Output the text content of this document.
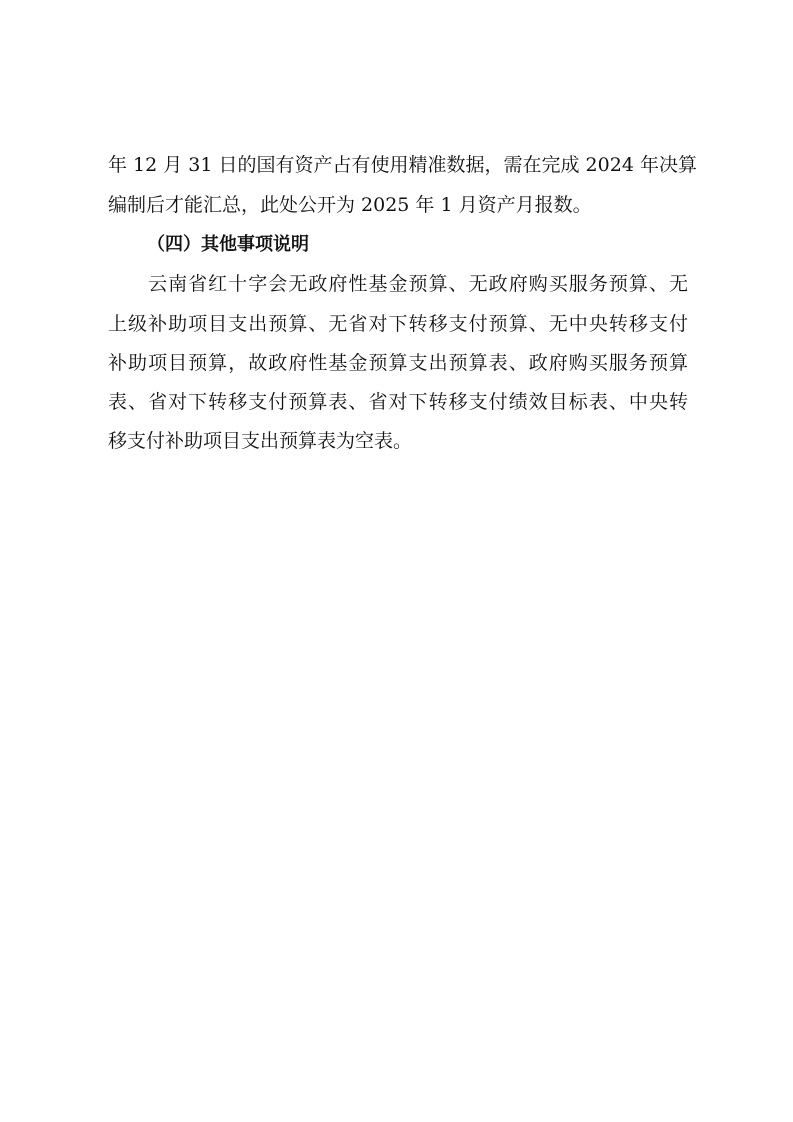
年 12 月 31 日的国有资产占有使用精准数据，需在完成 2024 年决算
编制后才能汇总，此处公开为 2025 年 1 月资产月报数。
（四）其他事项说明
　　云南省红十字会无政府性基金预算、无政府购买服务预算、无
上级补助项目支出预算、无省对下转移支付预算、无中央转移支付
补助项目预算，故政府性基金预算支出预算表、政府购买服务预算
表、省对下转移支付预算表、省对下转移支付绩效目标表、中央转
移支付补助项目支出预算表为空表。
